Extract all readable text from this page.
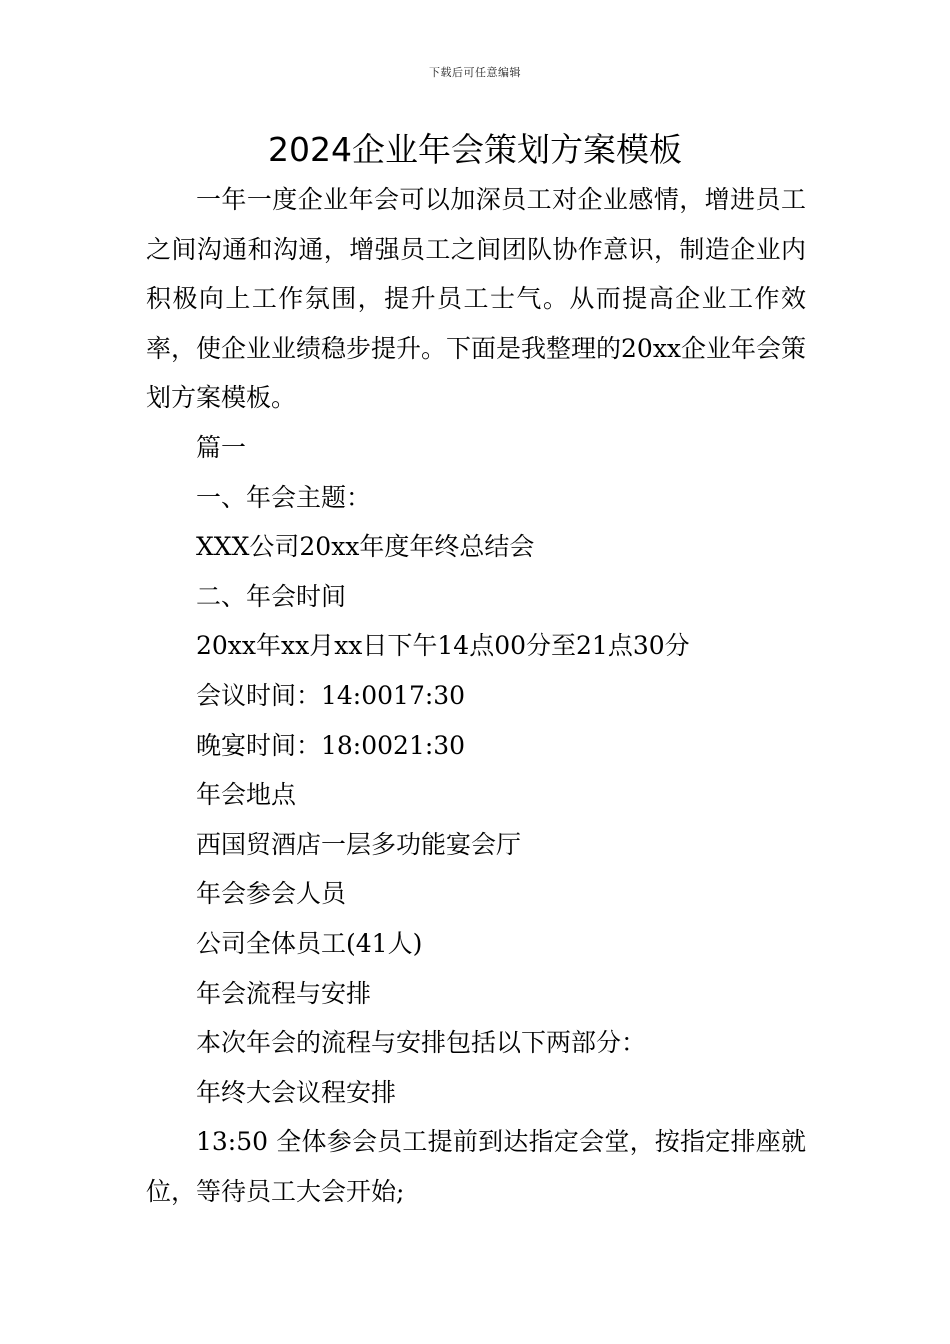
下载后可任意编辑
2024企业年会策划方案模板

一年一度企业年会可以加深员工对企业感情，增进员工之间沟通和沟通，增强员工之间团队协作意识，制造企业内积极向上工作氛围，提升员工士气。从而提高企业工作效率，使企业业绩稳步提升。下面是我整理的20xx企业年会策划方案模板。

篇一

一、年会主题：

XXX公司20xx年度年终总结会

二、年会时间

20xx年xx月xx日下午14点00分至21点30分

会议时间：14:0017:30

晚宴时间：18:0021:30

年会地点

西国贸酒店一层多功能宴会厅

年会参会人员

公司全体员工(41人)

年会流程与安排

本次年会的流程与安排包括以下两部分：

年终大会议程安排

13:50 全体参会员工提前到达指定会堂，按指定排座就位，等待员工大会开始;
